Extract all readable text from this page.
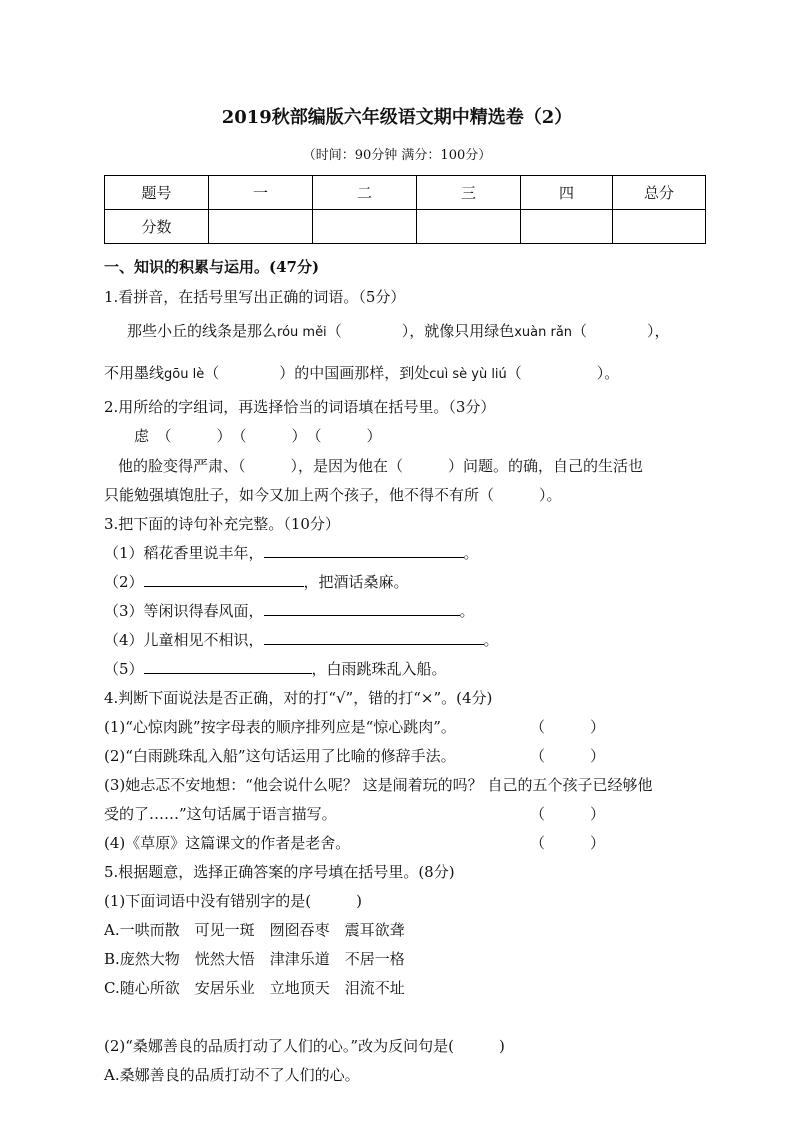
2019秋部编版六年级语文期中精选卷（2）
（时间：90分钟 满分：100分）
题号	一	二	三	四	总分
分数					
一、知识的积累与运用。(47分)
1.看拼音，在括号里写出正确的词语。（5分）
那些小丘的线条是那么róu měi（　　　　），就像只用绿色xuàn rǎn（　　　　），
不用墨线gōu lè（　　　　）的中国画那样，到处cuì sè yù liú（　　　　　）。
2.用所给的字组词，再选择恰当的词语填在括号里。（3分）
虑　（　　　）　（　　　）　（　　　）
他的脸变得严肃、（　　　），是因为他在（　　　）问题。的确，自己的生活也
只能勉强填饱肚子，如今又加上两个孩子，他不得不有所（　　　）。
3.把下面的诗句补充完整。（10分）
（1）稻花香里说丰年，	。
（2）	，把酒话桑麻。
（3）等闲识得春风面，	。
（4）儿童相见不相识，	。
（5）	，白雨跳珠乱入船。
4.判断下面说法是否正确，对的打“√”，错的打“×”。(4分)
(1)“心惊肉跳”按字母表的顺序排列应是“惊心跳肉”。	（　　　）
(2)“白雨跳珠乱入船”这句话运用了比喻的修辞手法。	（　　　）
(3)她忐忑不安地想：“他会说什么呢？ 这是闹着玩的吗？ 自己的五个孩子已经够他
受的了……”这句话属于语言描写。	（　　　）
(4)《草原》这篇课文的作者是老舍。	（　　　）
5.根据题意，选择正确答案的序号填在括号里。(8分)
(1)下面词语中没有错别字的是(　　　)
A.一哄而散　可见一斑　囫囵吞枣　震耳欲聋
B.庞然大物　恍然大悟　津津乐道　不居一格
C.随心所欲　安居乐业　立地顶天　泪流不址
(2)“桑娜善良的品质打动了人们的心。”改为反问句是(　　　)
A.桑娜善良的品质打动不了人们的心。
